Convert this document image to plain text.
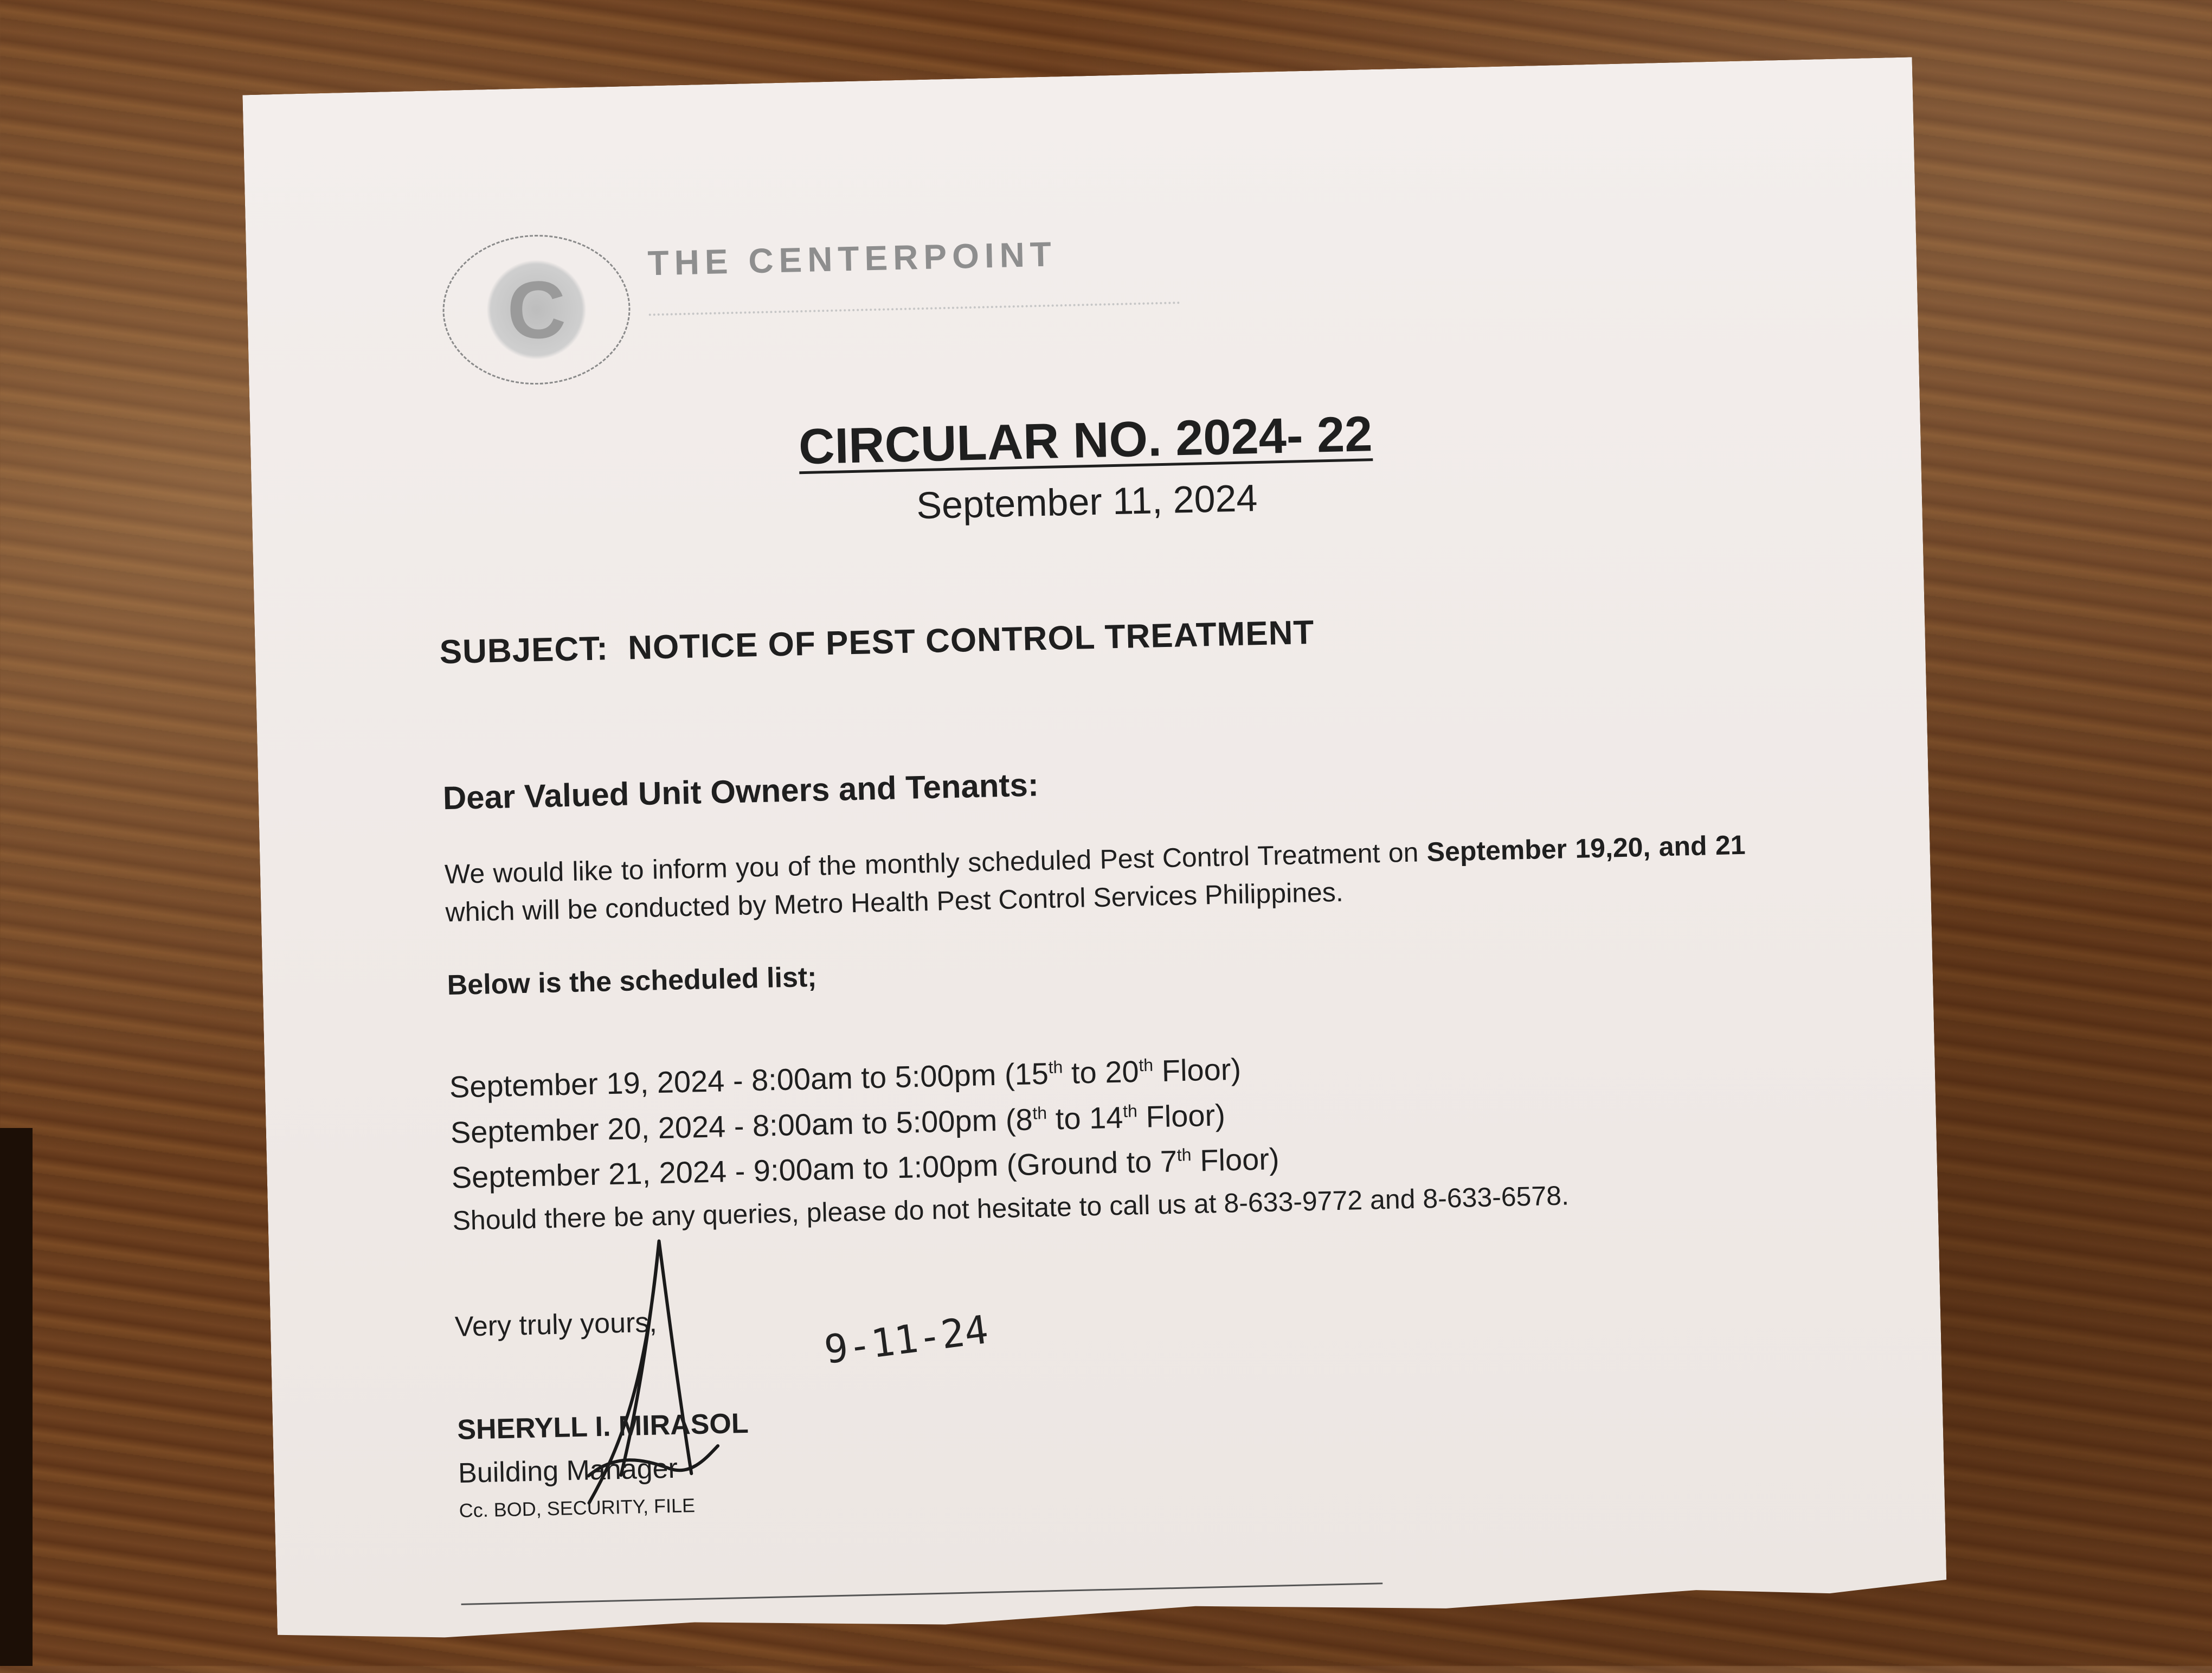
C
THE CENTERPOINT
CIRCULAR NO. 2024- 22
September 11, 2024
SUBJECT: NOTICE OF PEST CONTROL TREATMENT
Dear Valued Unit Owners and Tenants:
We would like to inform you of the monthly scheduled Pest Control Treatment on September 19,20, and 21 which will be conducted by Metro Health Pest Control Services Philippines.
Below is the scheduled list;
September 19, 2024 - 8:00am to 5:00pm (15th to 20th Floor)
September 20, 2024 - 8:00am to 5:00pm (8th to 14th Floor)
September 21, 2024 - 9:00am to 1:00pm (Ground to 7th Floor)
Should there be any queries, please do not hesitate to call us at 8-633-9772 and 8-633-6578.
Very truly yours,	9-11-24
SHERYLL I. MIRASOL
Building Manager
Cc. BOD, SECURITY, FILE
